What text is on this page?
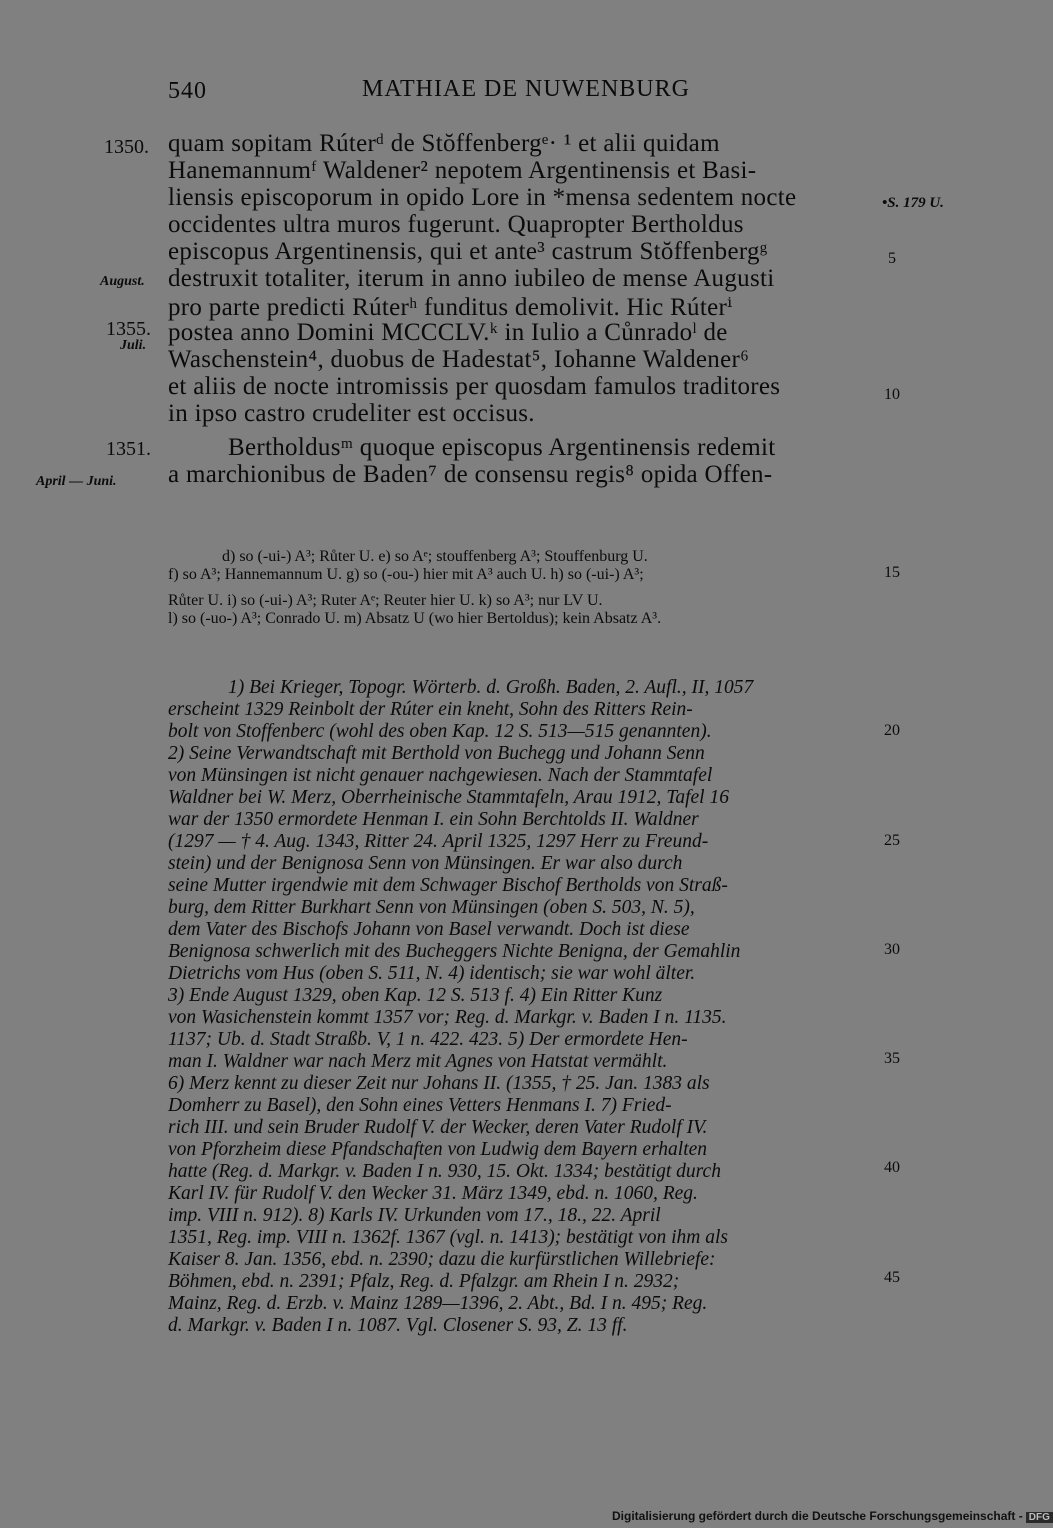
540	MATHIAE DE NUWENBURG
1350.
August.
1355.
Juli.
1351.
April — Juni.
•S. 179 U.
5
10
15
20
25
30
35
40
45
quam sopitam Rúterᵈ de Stŏffenbergᵉ· ¹ et alii quidam
Hanemannumᶠ Waldener² nepotem Argentinensis et Basi-
liensis episcoporum in opido Lore in *mensa sedentem nocte
occidentes ultra muros fugerunt. Quapropter Bertholdus
episcopus Argentinensis, qui et ante³ castrum Stŏffenbergᵍ
destruxit totaliter, iterum in anno iubileo de mense Augusti
pro parte predicti Rúterʰ funditus demolivit. Hic Rúterⁱ
postea anno Domini MCCCLV.ᵏ in Iulio a Cůnradoˡ de
Waschenstein⁴, duobus de Hadestat⁵, Iohanne Waldener⁶
et aliis de nocte intromissis per quosdam famulos traditores
in ipso castro crudeliter est occisus.
Bertholdusᵐ quoque episcopus Argentinensis redemit
a marchionibus de Baden⁷ de consensu regis⁸ opida Offen-
d) so (-ui-) A³; Růter U. e) so Aᵉ; stouffenberg A³; Stouffenburg U.
f) so A³; Hannemannum U. g) so (-ou-) hier mit A³ auch U. h) so (-ui-) A³;
Růter U. i) so (-ui-) A³; Ruter Aᵉ; Reuter hier U. k) so A³; nur LV U.
l) so (-uo-) A³; Conrado U. m) Absatz U (wo hier Bertoldus); kein Absatz A³.
1) Bei Krieger, Topogr. Wörterb. d. Großh. Baden, 2. Aufl., II, 1057
erscheint 1329 Reinbolt der Rúter ein kneht, Sohn des Ritters Rein-
bolt von Stoffenberc (wohl des oben Kap. 12 S. 513—515 genannten).
2) Seine Verwandtschaft mit Berthold von Buchegg und Johann Senn
von Münsingen ist nicht genauer nachgewiesen. Nach der Stammtafel
Waldner bei W. Merz, Oberrheinische Stammtafeln, Arau 1912, Tafel 16
war der 1350 ermordete Henman I. ein Sohn Berchtolds II. Waldner
(1297 — † 4. Aug. 1343, Ritter 24. April 1325, 1297 Herr zu Freund-
stein) und der Benignosa Senn von Münsingen. Er war also durch
seine Mutter irgendwie mit dem Schwager Bischof Bertholds von Straß-
burg, dem Ritter Burkhart Senn von Münsingen (oben S. 503, N. 5),
dem Vater des Bischofs Johann von Basel verwandt. Doch ist diese
Benignosa schwerlich mit des Bucheggers Nichte Benigna, der Gemahlin
Dietrichs vom Hus (oben S. 511, N. 4) identisch; sie war wohl älter.
3) Ende August 1329, oben Kap. 12 S. 513 f. 4) Ein Ritter Kunz
von Wasichenstein kommt 1357 vor; Reg. d. Markgr. v. Baden I n. 1135.
1137; Ub. d. Stadt Straßb. V, 1 n. 422. 423. 5) Der ermordete Hen-
man I. Waldner war nach Merz mit Agnes von Hatstat vermählt.
6) Merz kennt zu dieser Zeit nur Johans II. (1355, † 25. Jan. 1383 als
Domherr zu Basel), den Sohn eines Vetters Henmans I. 7) Fried-
rich III. und sein Bruder Rudolf V. der Wecker, deren Vater Rudolf IV.
von Pforzheim diese Pfandschaften von Ludwig dem Bayern erhalten
hatte (Reg. d. Markgr. v. Baden I n. 930, 15. Okt. 1334; bestätigt durch
Karl IV. für Rudolf V. den Wecker 31. März 1349, ebd. n. 1060, Reg.
imp. VIII n. 912). 8) Karls IV. Urkunden vom 17., 18., 22. April
1351, Reg. imp. VIII n. 1362f. 1367 (vgl. n. 1413); bestätigt von ihm als
Kaiser 8. Jan. 1356, ebd. n. 2390; dazu die kurfürstlichen Willebriefe:
Böhmen, ebd. n. 2391; Pfalz, Reg. d. Pfalzgr. am Rhein I n. 2932;
Mainz, Reg. d. Erzb. v. Mainz 1289—1396, 2. Abt., Bd. I n. 495; Reg.
d. Markgr. v. Baden I n. 1087. Vgl. Closener S. 93, Z. 13 ff.
Digitalisierung gefördert durch die Deutsche Forschungsgemeinschaft - DFG
